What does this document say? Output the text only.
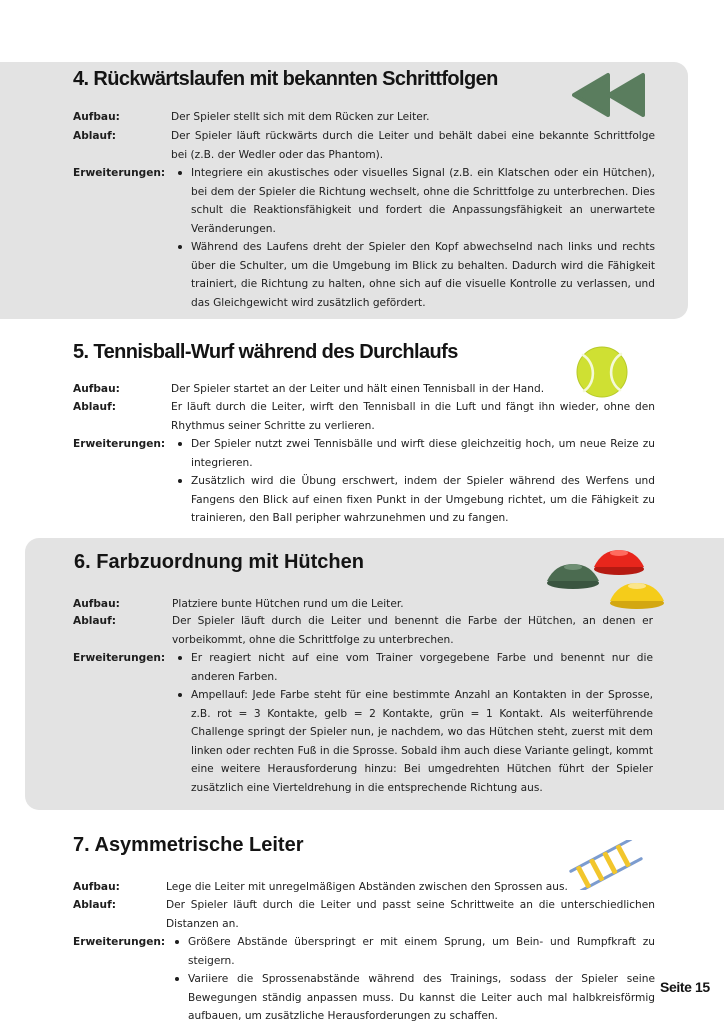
4. Rückwärtslaufen mit bekannten Schrittfolgen
Aufbau:	Der Spieler stellt sich mit dem Rücken zur Leiter.
Ablauf:	Der Spieler läuft rückwärts durch die Leiter und behält dabei eine bekannte Schrittfolge bei (z.B. der Wedler oder das Phantom).
Erweiterungen:	Integriere ein akustisches oder visuelles Signal (z.B. ein Klatschen oder ein Hütchen), bei dem der Spieler die Richtung wechselt, ohne die Schrittfolge zu unterbrechen. Dies schult die Reaktionsfähigkeit und fordert die Anpassungsfähigkeit an unerwartete Veränderungen.
Während des Laufens dreht der Spieler den Kopf abwechselnd nach links und rechts über die Schulter, um die Umgebung im Blick zu behalten. Dadurch wird die Fähigkeit trainiert, die Richtung zu halten, ohne sich auf die visuelle Kontrolle zu verlassen, und das Gleichgewicht wird zusätzlich gefördert.
5. Tennisball-Wurf während des Durchlaufs
Aufbau:	Der Spieler startet an der Leiter und hält einen Tennisball in der Hand.
Ablauf:	Er läuft durch die Leiter, wirft den Tennisball in die Luft und fängt ihn wieder, ohne den Rhythmus seiner Schritte zu verlieren.
Erweiterungen:	Der Spieler nutzt zwei Tennisbälle und wirft diese gleichzeitig hoch, um neue Reize zu integrieren.
Zusätzlich wird die Übung erschwert, indem der Spieler während des Werfens und Fangens den Blick auf einen fixen Punkt in der Umgebung richtet, um die Fähigkeit zu trainieren, den Ball peripher wahrzunehmen und zu fangen.
6. Farbzuordnung mit Hütchen
Aufbau:	Platziere bunte Hütchen rund um die Leiter.
Ablauf:	Der Spieler läuft durch die Leiter und benennt die Farbe der Hütchen, an denen er vorbeikommt, ohne die Schrittfolge zu unterbrechen.
Erweiterungen:	Er reagiert nicht auf eine vom Trainer vorgegebene Farbe und benennt nur die anderen Farben.
Ampellauf: Jede Farbe steht für eine bestimmte Anzahl an Kontakten in der Sprosse, z.B. rot = 3 Kontakte, gelb = 2 Kontakte, grün = 1 Kontakt. Als weiterführende Challenge springt der Spieler nun, je nachdem, wo das Hütchen steht, zuerst mit dem linken oder rechten Fuß in die Sprosse. Sobald ihm auch diese Variante gelingt, kommt eine weitere Herausforderung hinzu: Bei umgedrehten Hütchen führt der Spieler zusätzlich eine Vierteldrehung in die entsprechende Richtung aus.
7. Asymmetrische Leiter
Aufbau:	Lege die Leiter mit unregelmäßigen Abständen zwischen den Sprossen aus.
Ablauf:	Der Spieler läuft durch die Leiter und passt seine Schrittweite an die unterschiedlichen Distanzen an.
Erweiterungen:	Größere Abstände überspringt er mit einem Sprung, um Bein- und Rumpfkraft zu steigern.
Variiere die Sprossenabstände während des Trainings, sodass der Spieler seine Bewegungen ständig anpassen muss. Du kannst die Leiter auch mal halbkreisförmig aufbauen, um zusätzliche Herausforderungen zu schaffen.
Seite 15
